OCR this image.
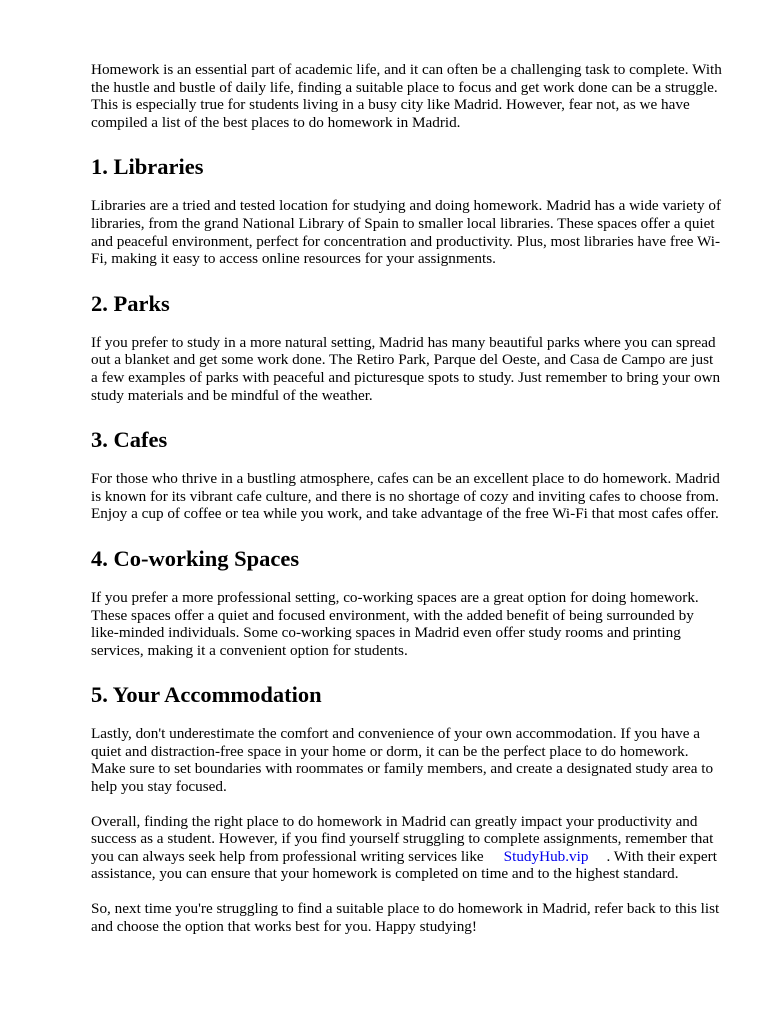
Homework is an essential part of academic life, and it can often be a challenging task to complete. With the hustle and bustle of daily life, finding a suitable place to focus and get work done can be a struggle. This is especially true for students living in a busy city like Madrid. However, fear not, as we have compiled a list of the best places to do homework in Madrid.

1. Libraries

Libraries are a tried and tested location for studying and doing homework. Madrid has a wide variety of libraries, from the grand National Library of Spain to smaller local libraries. These spaces offer a quiet and peaceful environment, perfect for concentration and productivity. Plus, most libraries have free Wi-Fi, making it easy to access online resources for your assignments.

2. Parks

If you prefer to study in a more natural setting, Madrid has many beautiful parks where you can spread out a blanket and get some work done. The Retiro Park, Parque del Oeste, and Casa de Campo are just a few examples of parks with peaceful and picturesque spots to study. Just remember to bring your own study materials and be mindful of the weather.

3. Cafes

For those who thrive in a bustling atmosphere, cafes can be an excellent place to do homework. Madrid is known for its vibrant cafe culture, and there is no shortage of cozy and inviting cafes to choose from. Enjoy a cup of coffee or tea while you work, and take advantage of the free Wi-Fi that most cafes offer.

4. Co-working Spaces

If you prefer a more professional setting, co-working spaces are a great option for doing homework. These spaces offer a quiet and focused environment, with the added benefit of being surrounded by like-minded individuals. Some co-working spaces in Madrid even offer study rooms and printing services, making it a convenient option for students.

5. Your Accommodation

Lastly, don't underestimate the comfort and convenience of your own accommodation. If you have a quiet and distraction-free space in your home or dorm, it can be the perfect place to do homework. Make sure to set boundaries with roommates or family members, and create a designated study area to help you stay focused.

Overall, finding the right place to do homework in Madrid can greatly impact your productivity and success as a student. However, if you find yourself struggling to complete assignments, remember that you can always seek help from professional writing services like StudyHub.vip . With their expert assistance, you can ensure that your homework is completed on time and to the highest standard.

So, next time you're struggling to find a suitable place to do homework in Madrid, refer back to this list and choose the option that works best for you. Happy studying!
